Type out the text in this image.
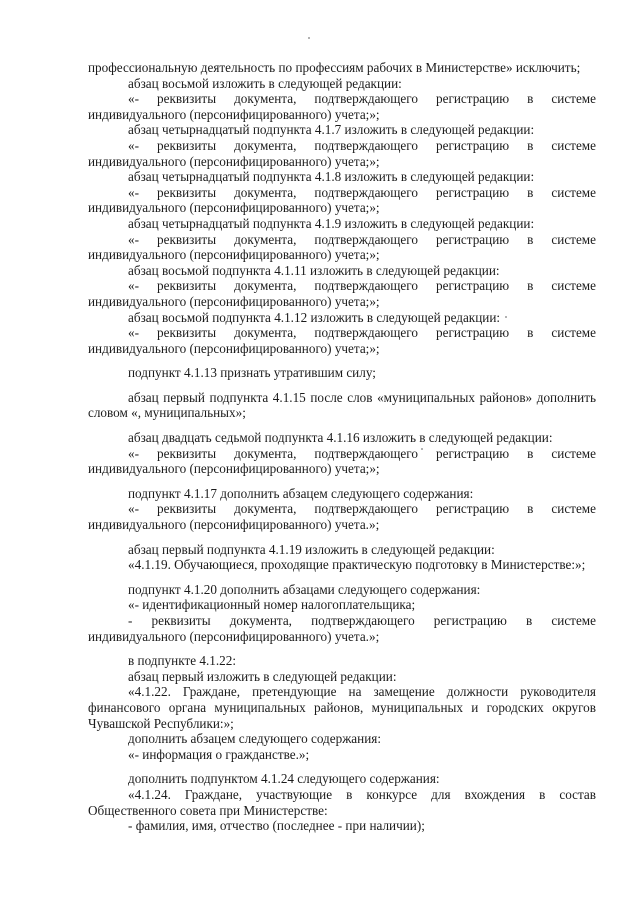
профессиональную деятельность по профессиям рабочих в Министерстве» исключить;

абзац восьмой изложить в следующей редакции:

«- реквизиты документа, подтверждающего регистрацию в системе индивидуального (персонифицированного) учета;»;

абзац четырнадцатый подпункта 4.1.7 изложить в следующей редакции:

«- реквизиты документа, подтверждающего регистрацию в системе индивидуального (персонифицированного) учета;»;

абзац четырнадцатый подпункта 4.1.8 изложить в следующей редакции:

«- реквизиты документа, подтверждающего регистрацию в системе индивидуального (персонифицированного) учета;»;

абзац четырнадцатый подпункта 4.1.9 изложить в следующей редакции:

«- реквизиты документа, подтверждающего регистрацию в системе индивидуального (персонифицированного) учета;»;

абзац восьмой подпункта 4.1.11 изложить в следующей редакции:

«- реквизиты документа, подтверждающего регистрацию в системе индивидуального (персонифицированного) учета;»;

абзац восьмой подпункта 4.1.12 изложить в следующей редакции:

«- реквизиты документа, подтверждающего регистрацию в системе индивидуального (персонифицированного) учета;»;

подпункт 4.1.13 признать утратившим силу;

абзац первый подпункта 4.1.15 после слов «муниципальных районов» дополнить словом «, муниципальных»;

абзац двадцать седьмой подпункта 4.1.16 изложить в следующей редакции:

«- реквизиты документа, подтверждающего регистрацию в системе индивидуального (персонифицированного) учета;»;

подпункт 4.1.17 дополнить абзацем следующего содержания:

«- реквизиты документа, подтверждающего регистрацию в системе индивидуального (персонифицированного) учета.»;

абзац первый подпункта 4.1.19 изложить в следующей редакции:

«4.1.19. Обучающиеся, проходящие практическую подготовку в Министерстве:»;

подпункт 4.1.20 дополнить абзацами следующего содержания:

«- идентификационный номер налогоплательщика;

- реквизиты документа, подтверждающего регистрацию в системе индивидуального (персонифицированного) учета.»;

в подпункте 4.1.22:

абзац первый изложить в следующей редакции:

«4.1.22. Граждане, претендующие на замещение должности руководителя финансового органа муниципальных районов, муниципальных и городских округов Чувашской Республики:»;

дополнить абзацем следующего содержания:

«- информация о гражданстве.»;

дополнить подпунктом 4.1.24 следующего содержания:

«4.1.24. Граждане, участвующие в конкурсе для вхождения в состав Общественного совета при Министерстве:

- фамилия, имя, отчество (последнее - при наличии);
